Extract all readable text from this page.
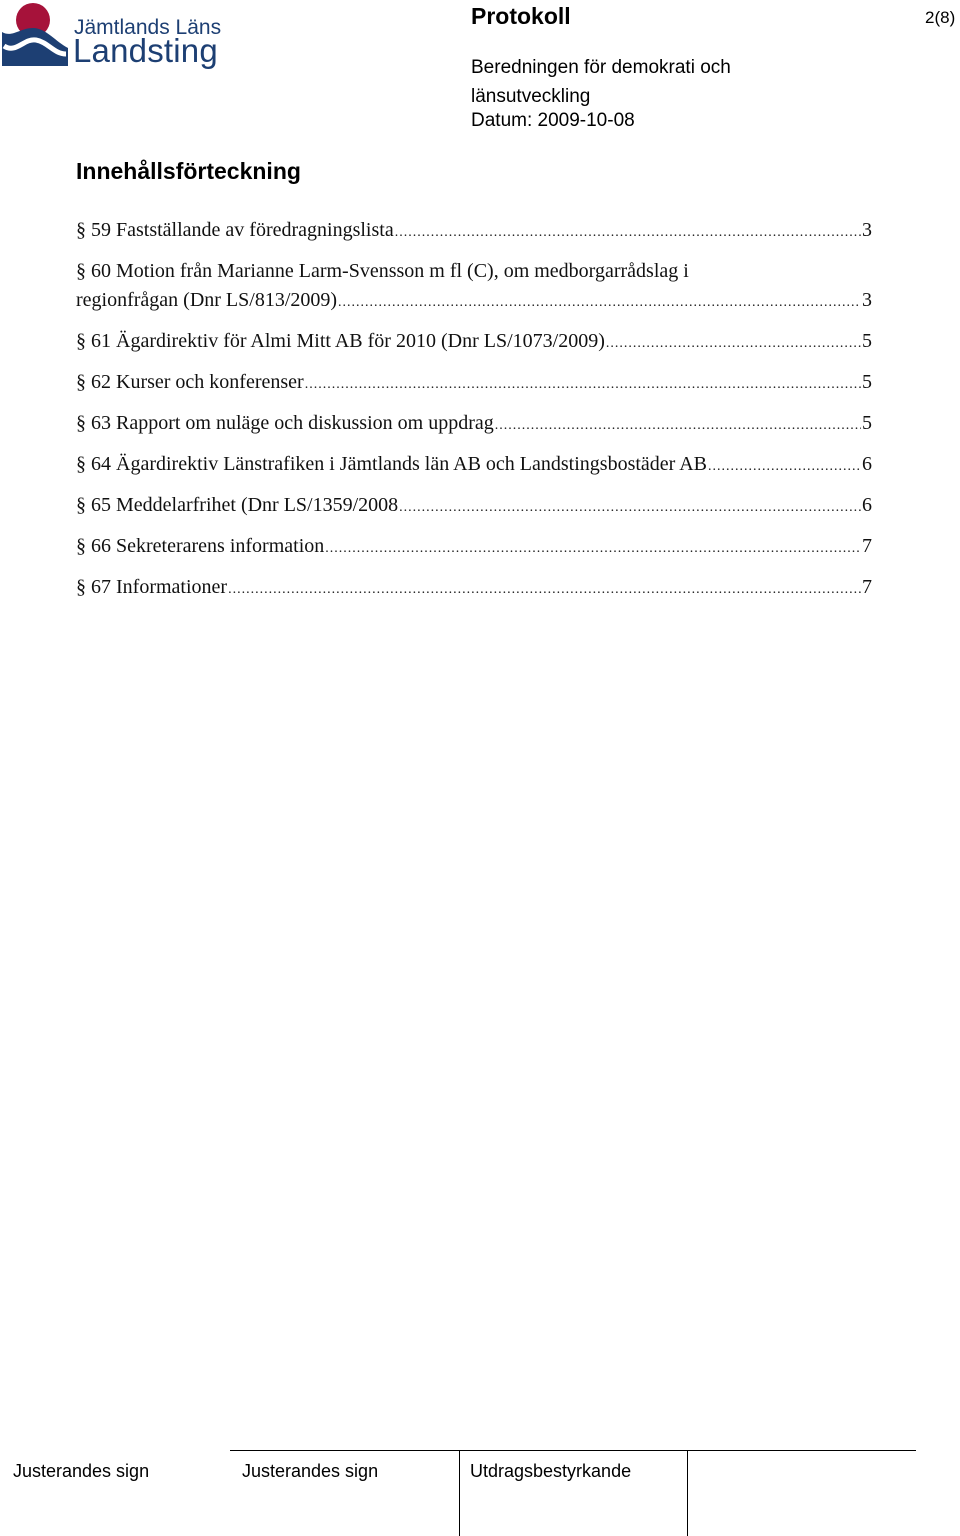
Jämtlands Läns
Landsting
Protokoll	2(8)
Beredningen för demokrati och länsutveckling
Datum: 2009-10-08
Innehållsförteckning
§ 59 Fastställande av föredragningslista .....	3
§ 60 Motion från Marianne Larm-Svensson m fl (C), om medborgarrådslag i
regionfrågan (Dnr LS/813/2009) .....	3
§ 61 Ägardirektiv för Almi Mitt AB för 2010 (Dnr LS/1073/2009) .....	5
§ 62 Kurser och konferenser .....	5
§ 63 Rapport om nuläge och diskussion om uppdrag .....	5
§ 64 Ägardirektiv Länstrafiken i Jämtlands län AB och Landstingsbostäder AB .....	6
§ 65 Meddelarfrihet (Dnr LS/1359/2008 .....	6
§ 66 Sekreterarens information .....	7
§ 67 Informationer .....	7
Justerandes sign	Justerandes sign	Utdragsbestyrkande
